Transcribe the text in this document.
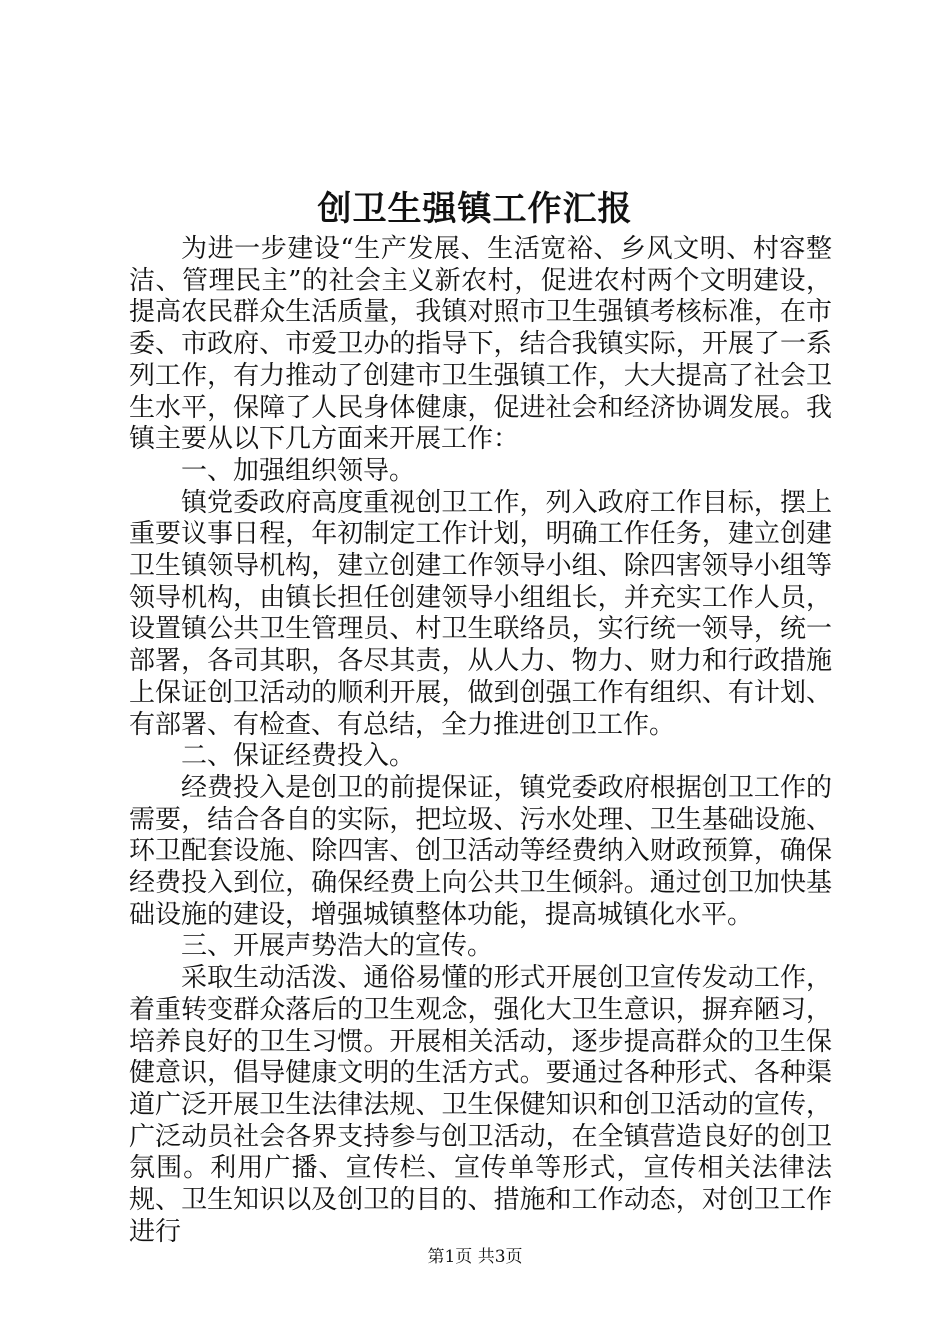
创卫生强镇工作汇报

为进一步建设“生产发展、生活宽裕、乡风文明、村容整洁、管理民主”的社会主义新农村，促进农村两个文明建设，提高农民群众生活质量，我镇对照市卫生强镇考核标准，在市委、市政府、市爱卫办的指导下，结合我镇实际，开展了一系列工作，有力推动了创建市卫生强镇工作，大大提高了社会卫生水平，保障了人民身体健康，促进社会和经济协调发展。我镇主要从以下几方面来开展工作：

一、加强组织领导。

镇党委政府高度重视创卫工作，列入政府工作目标，摆上重要议事日程，年初制定工作计划，明确工作任务，建立创建卫生镇领导机构，建立创建工作领导小组、除四害领导小组等领导机构，由镇长担任创建领导小组组长，并充实工作人员，设置镇公共卫生管理员、村卫生联络员，实行统一领导，统一部署，各司其职，各尽其责，从人力、物力、财力和行政措施上保证创卫活动的顺利开展，做到创强工作有组织、有计划、有部署、有检查、有总结，全力推进创卫工作。

二、保证经费投入。

经费投入是创卫的前提保证，镇党委政府根据创卫工作的需要，结合各自的实际，把垃圾、污水处理、卫生基础设施、环卫配套设施、除四害、创卫活动等经费纳入财政预算，确保经费投入到位，确保经费上向公共卫生倾斜。通过创卫加快基础设施的建设，增强城镇整体功能，提高城镇化水平。

三、开展声势浩大的宣传。

采取生动活泼、通俗易懂的形式开展创卫宣传发动工作，着重转变群众落后的卫生观念，强化大卫生意识，摒弃陋习，培养良好的卫生习惯。开展相关活动，逐步提高群众的卫生保健意识，倡导健康文明的生活方式。要通过各种形式、各种渠道广泛开展卫生法律法规、卫生保健知识和创卫活动的宣传，广泛动员社会各界支持参与创卫活动，在全镇营造良好的创卫氛围。利用广播、宣传栏、宣传单等形式，宣传相关法律法规、卫生知识以及创卫的目的、措施和工作动态，对创卫工作进行

第1页 共3页
